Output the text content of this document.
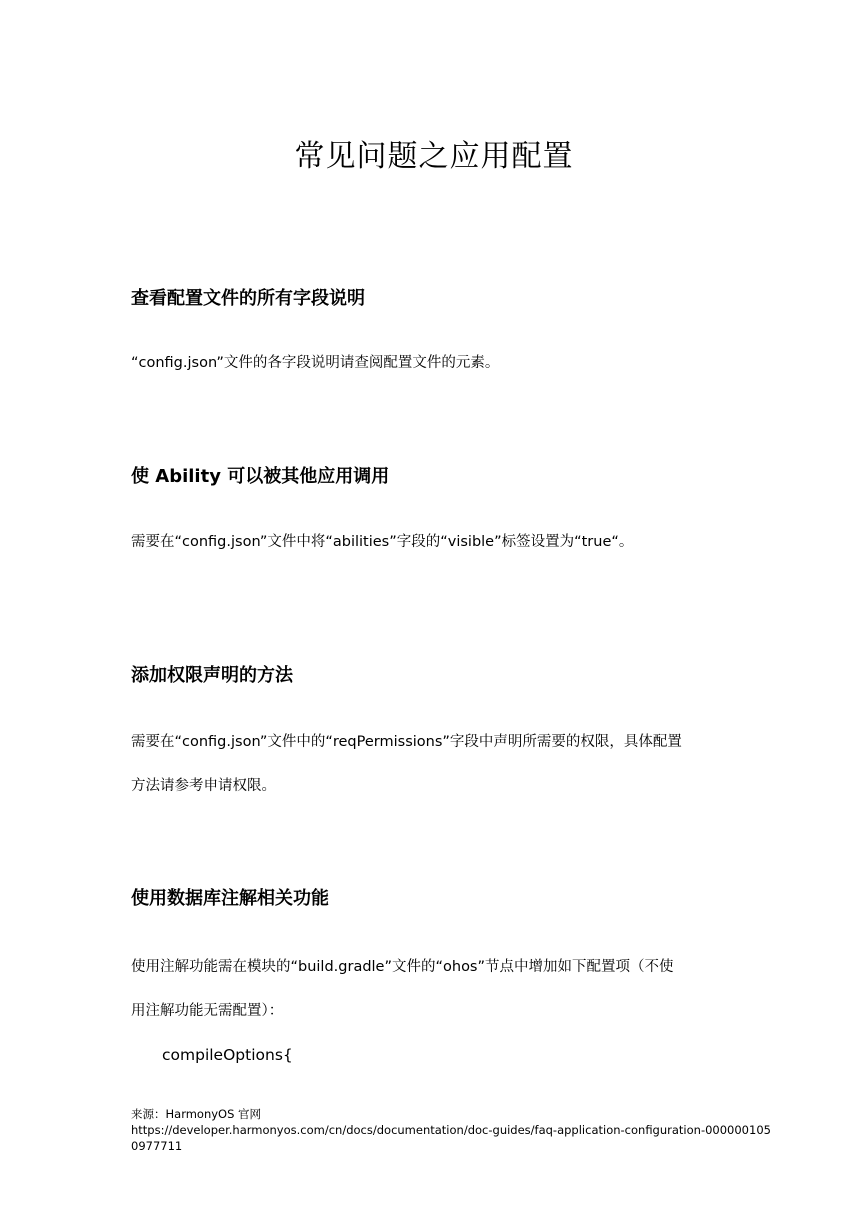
常见问题之应用配置
查看配置文件的所有字段说明

“config.json”文件的各字段说明请查阅配置文件的元素。

使 Ability 可以被其他应用调用

需要在“config.json”文件中将“abilities”字段的“visible”标签设置为“true“。

添加权限声明的方法

需要在“config.json”文件中的“reqPermissions”字段中声明所需要的权限，具体配置

方法请参考申请权限。

使用数据库注解相关功能

使用注解功能需在模块的“build.gradle”文件的“ohos”节点中增加如下配置项（不使

用注解功能无需配置）：

compileOptions{

来源：HarmonyOS 官网
https://developer.harmonyos.com/cn/docs/documentation/doc-guides/faq-application-configuration-000000105
0977711
